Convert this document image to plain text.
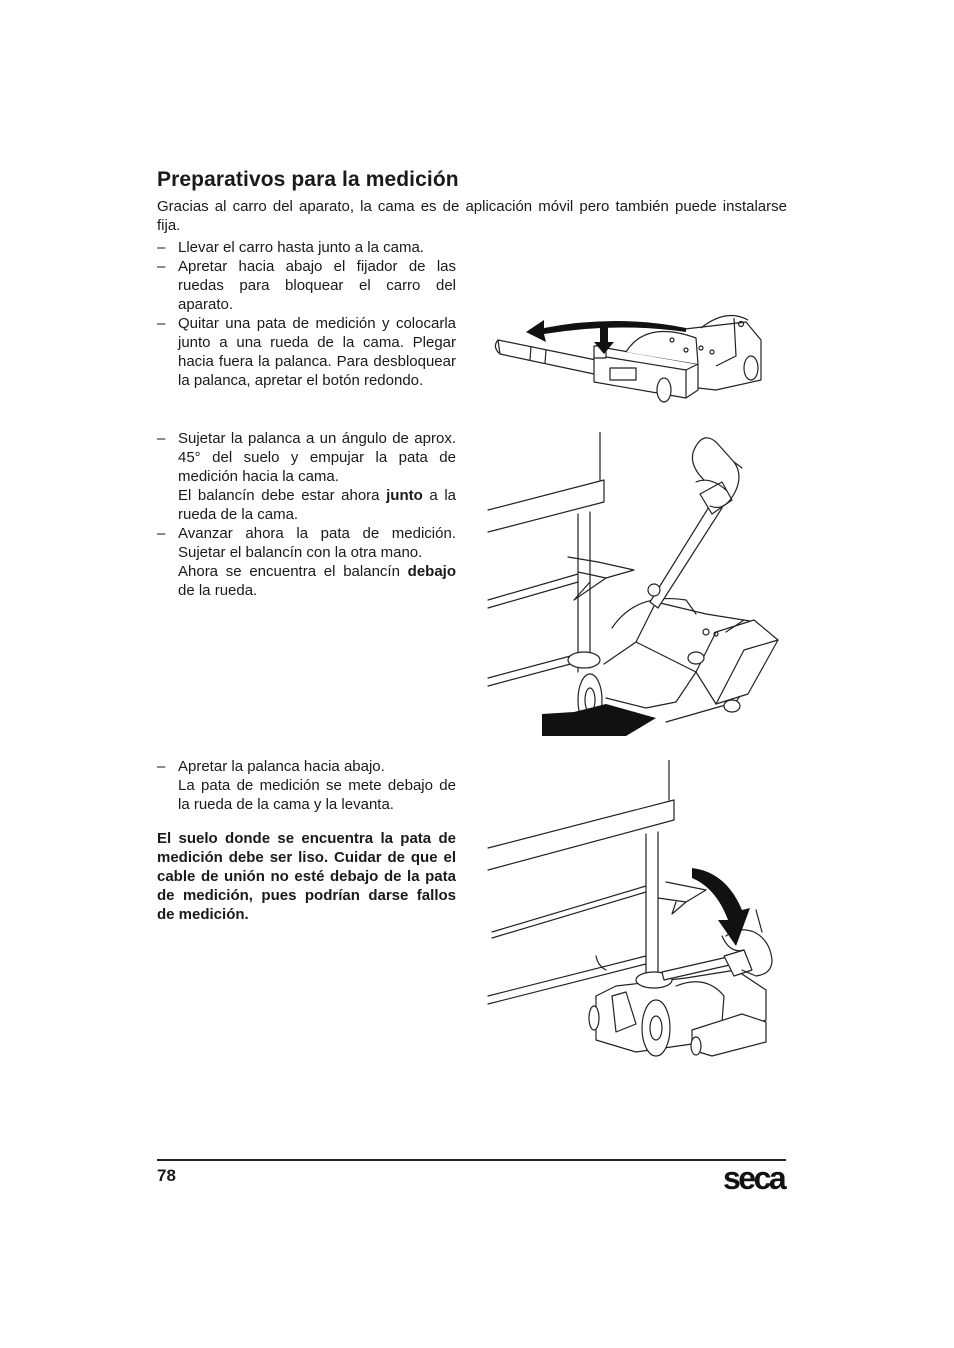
Preparativos para la medición

Gracias al carro del aparato, la cama es de aplicación móvil pero también puede instalarse fija.

– Llevar el carro hasta junto a la cama.
– Apretar hacia abajo el fijador de las ruedas para bloquear el carro del aparato.
– Quitar una pata de medición y colocarla junto a una rueda de la cama. Plegar hacia fuera la palanca. Para desbloquear la palanca, apretar el botón redondo.

– Sujetar la palanca a un ángulo de aprox. 45° del suelo y empujar la pata de medición hacia la cama.

El balancín debe estar ahora junto a la rueda de la cama.

– Avanzar ahora la pata de medición. Sujetar el balancín con la otra mano.

Ahora se encuentra el balancín debajo de la rueda.

– Apretar la palanca hacia abajo.

La pata de medición se mete debajo de la rueda de la cama y la levanta.

El suelo donde se encuentra la pata de medición debe ser liso. Cuidar de que el cable de unión no esté debajo de la pata de medición, pues podrían darse fallos de medición.

78	seca
